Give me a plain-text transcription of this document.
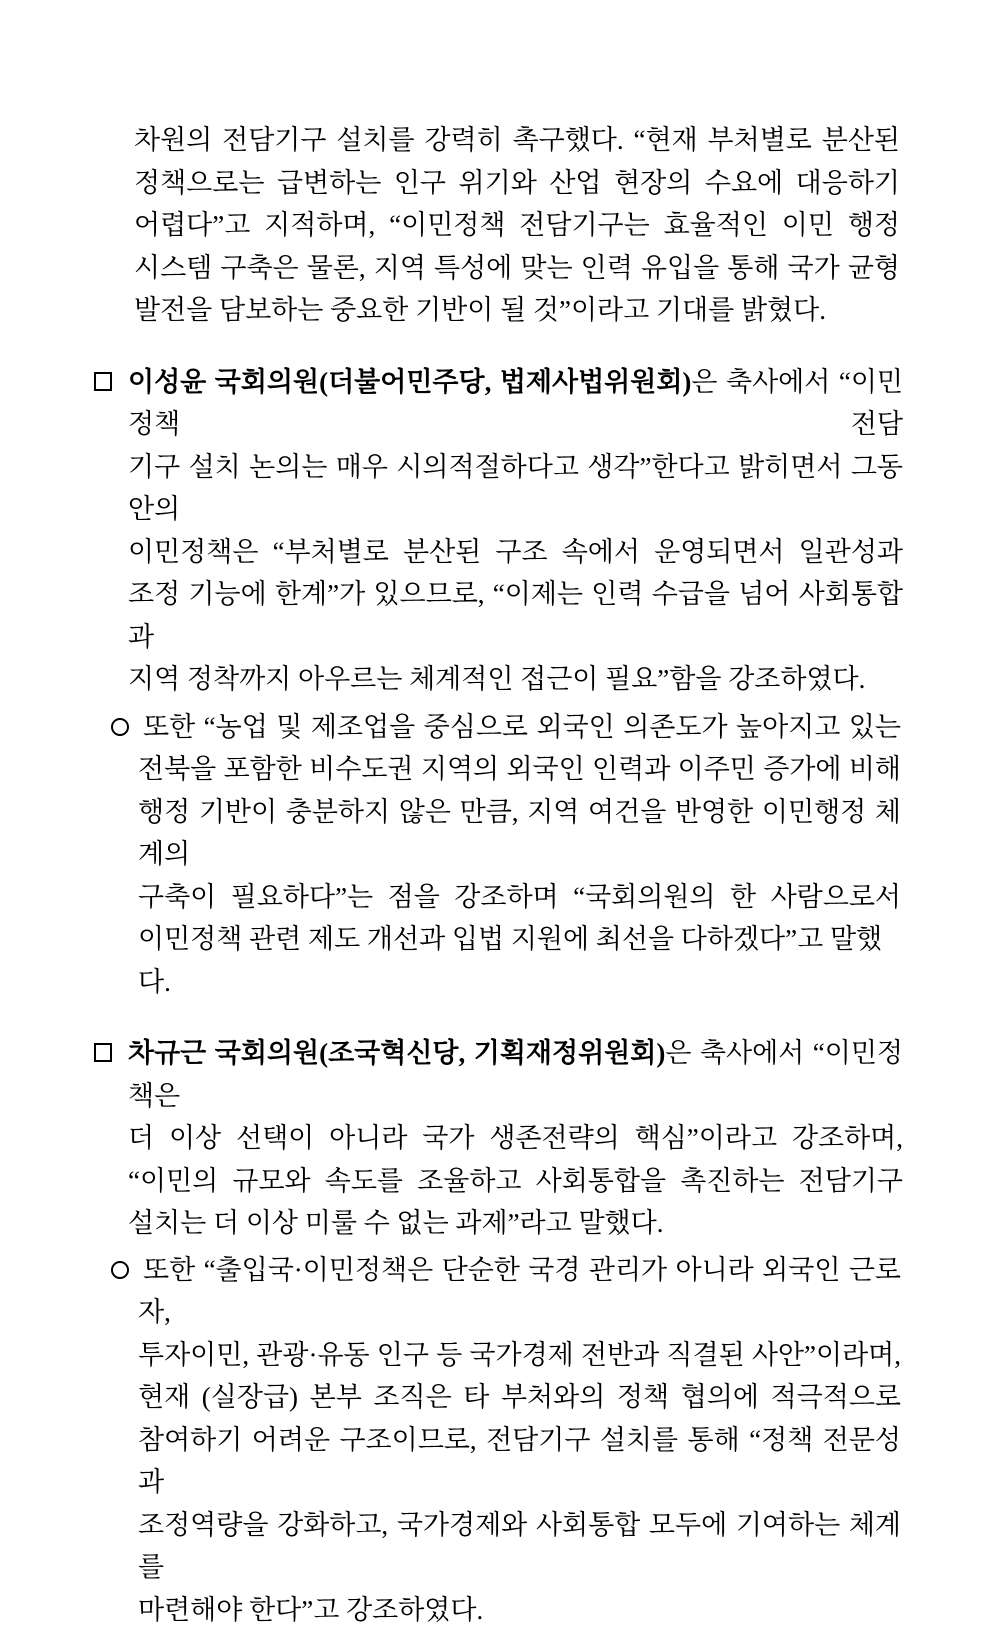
차원의 전담기구 설치를 강력히 촉구했다. “현재 부처별로 분산된
정책으로는 급변하는 인구 위기와 산업 현장의 수요에 대응하기
어렵다”고 지적하며, “이민정책 전담기구는 효율적인 이민 행정
시스템 구축은 물론, 지역 특성에 맞는 인력 유입을 통해 국가 균형
발전을 담보하는 중요한 기반이 될 것”이라고 기대를 밝혔다.
이성윤 국회의원(더불어민주당, 법제사법위원회)은 축사에서 “이민정책 전담
기구 설치 논의는 매우 시의적절하다고 생각”한다고 밝히면서 그동안의
이민정책은 “부처별로 분산된 구조 속에서 운영되면서 일관성과
조정 기능에 한계”가 있으므로, “이제는 인력 수급을 넘어 사회통합과
지역 정착까지 아우르는 체계적인 접근이 필요”함을 강조하였다.
또한 “농업 및 제조업을 중심으로 외국인 의존도가 높아지고 있는
전북을 포함한 비수도권 지역의 외국인 인력과 이주민 증가에 비해
행정 기반이 충분하지 않은 만큼, 지역 여건을 반영한 이민행정 체계의
구축이 필요하다”는 점을 강조하며 “국회의원의 한 사람으로서
이민정책 관련 제도 개선과 입법 지원에 최선을 다하겠다”고 말했다.
차규근 국회의원(조국혁신당, 기획재정위원회)은 축사에서 “이민정책은
더 이상 선택이 아니라 국가 생존전략의 핵심”이라고 강조하며,
“이민의 규모와 속도를 조율하고 사회통합을 촉진하는 전담기구
설치는 더 이상 미룰 수 없는 과제”라고 말했다.
또한 “출입국·이민정책은 단순한 국경 관리가 아니라 외국인 근로자,
투자이민, 관광·유동 인구 등 국가경제 전반과 직결된 사안”이라며,
현재 (실장급) 본부 조직은 타 부처와의 정책 협의에 적극적으로
참여하기 어려운 구조이므로, 전담기구 설치를 통해 “정책 전문성과
조정역량을 강화하고, 국가경제와 사회통합 모두에 기여하는 체계를
마련해야 한다”고 강조하였다.
